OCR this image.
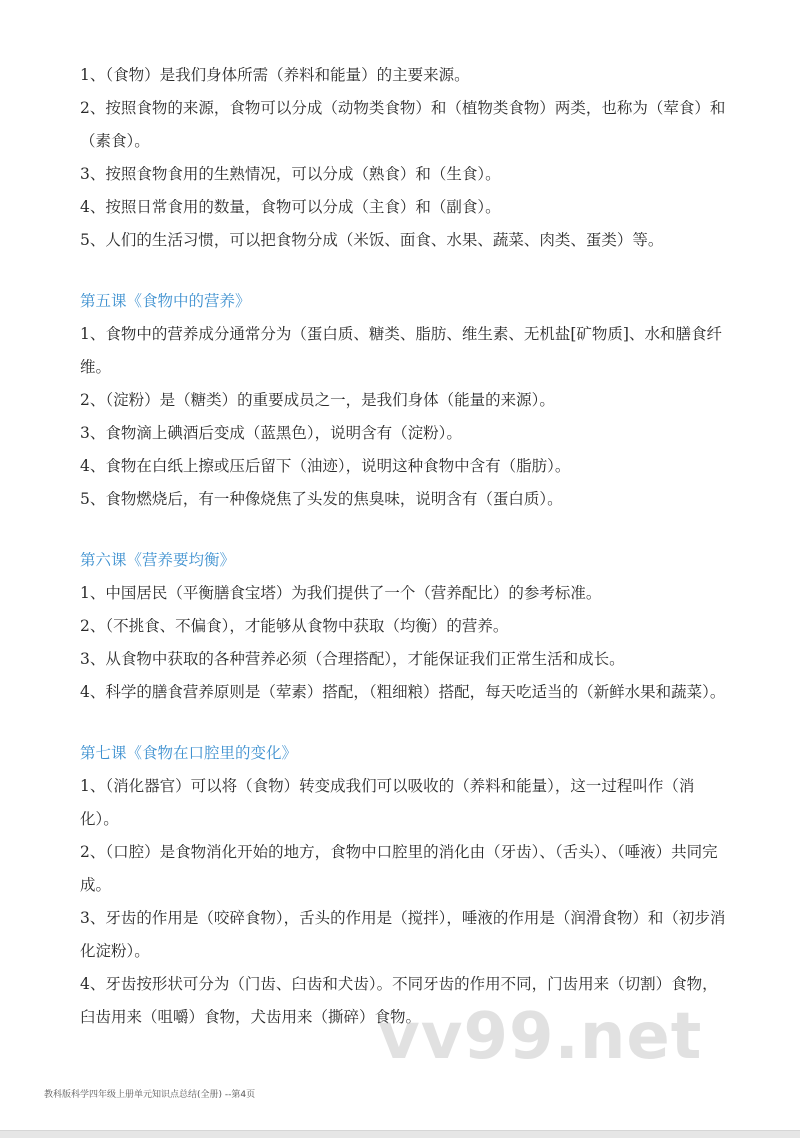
1、（食物）是我们身体所需（养料和能量）的主要来源。

2、按照食物的来源，食物可以分成（动物类食物）和（植物类食物）两类，也称为（荤食）和（素食）。

3、按照食物食用的生熟情况，可以分成（熟食）和（生食）。

4、按照日常食用的数量，食物可以分成（主食）和（副食）。

5、人们的生活习惯，可以把食物分成（米饭、面食、水果、蔬菜、肉类、蛋类）等。

第五课《食物中的营养》

1、食物中的营养成分通常分为（蛋白质、糖类、脂肪、维生素、无机盐[矿物质]、水和膳食纤维。

2、（淀粉）是（糖类）的重要成员之一，是我们身体（能量的来源）。

3、食物滴上碘酒后变成（蓝黑色），说明含有（淀粉）。

4、食物在白纸上擦或压后留下（油迹），说明这种食物中含有（脂肪）。

5、食物燃烧后，有一种像烧焦了头发的焦臭味，说明含有（蛋白质）。

第六课《营养要均衡》

1、中国居民（平衡膳食宝塔）为我们提供了一个（营养配比）的参考标准。

2、（不挑食、不偏食），才能够从食物中获取（均衡）的营养。

3、从食物中获取的各种营养必须（合理搭配），才能保证我们正常生活和成长。

4、科学的膳食营养原则是（荤素）搭配，（粗细粮）搭配，每天吃适当的（新鲜水果和蔬菜）。

第七课《食物在口腔里的变化》

1、（消化器官）可以将（食物）转变成我们可以吸收的（养料和能量），这一过程叫作（消化）。

2、（口腔）是食物消化开始的地方，食物中口腔里的消化由（牙齿）、（舌头）、（唾液）共同完成。

3、牙齿的作用是（咬碎食物），舌头的作用是（搅拌），唾液的作用是（润滑食物）和（初步消化淀粉）。

4、牙齿按形状可分为（门齿、臼齿和犬齿）。不同牙齿的作用不同，门齿用来（切割）食物，臼齿用来（咀嚼）食物，犬齿用来（撕碎）食物。

vv99.net
教科版科学四年级上册单元知识点总结(全册) --第4页
